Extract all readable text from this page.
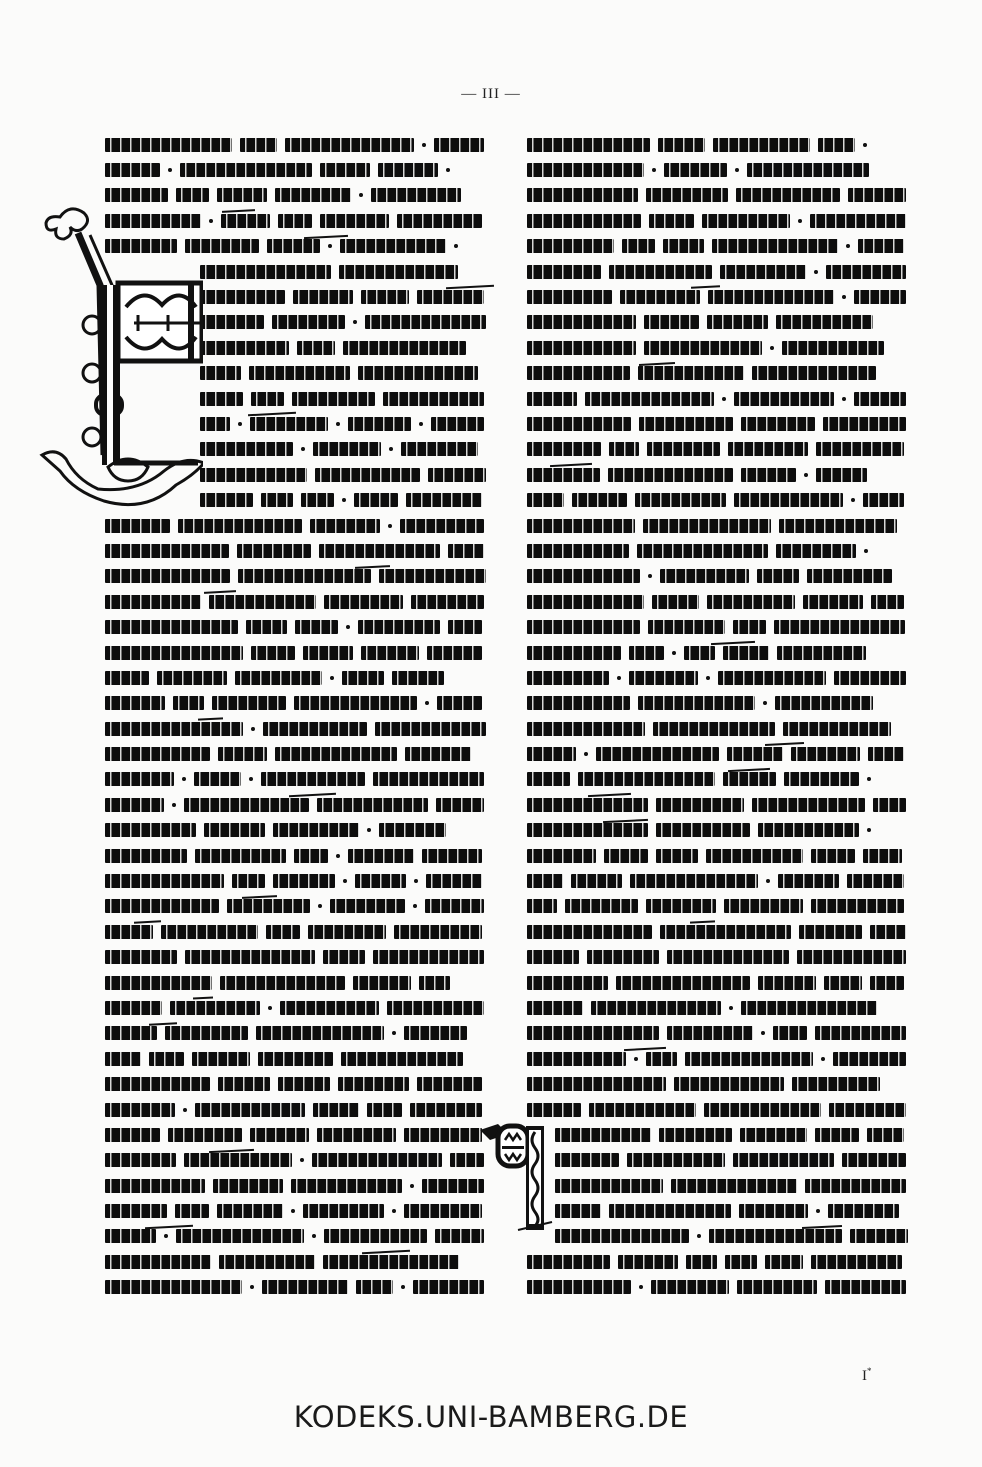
— III —
I*
KODEKS.UNI-BAMBERG.DE
